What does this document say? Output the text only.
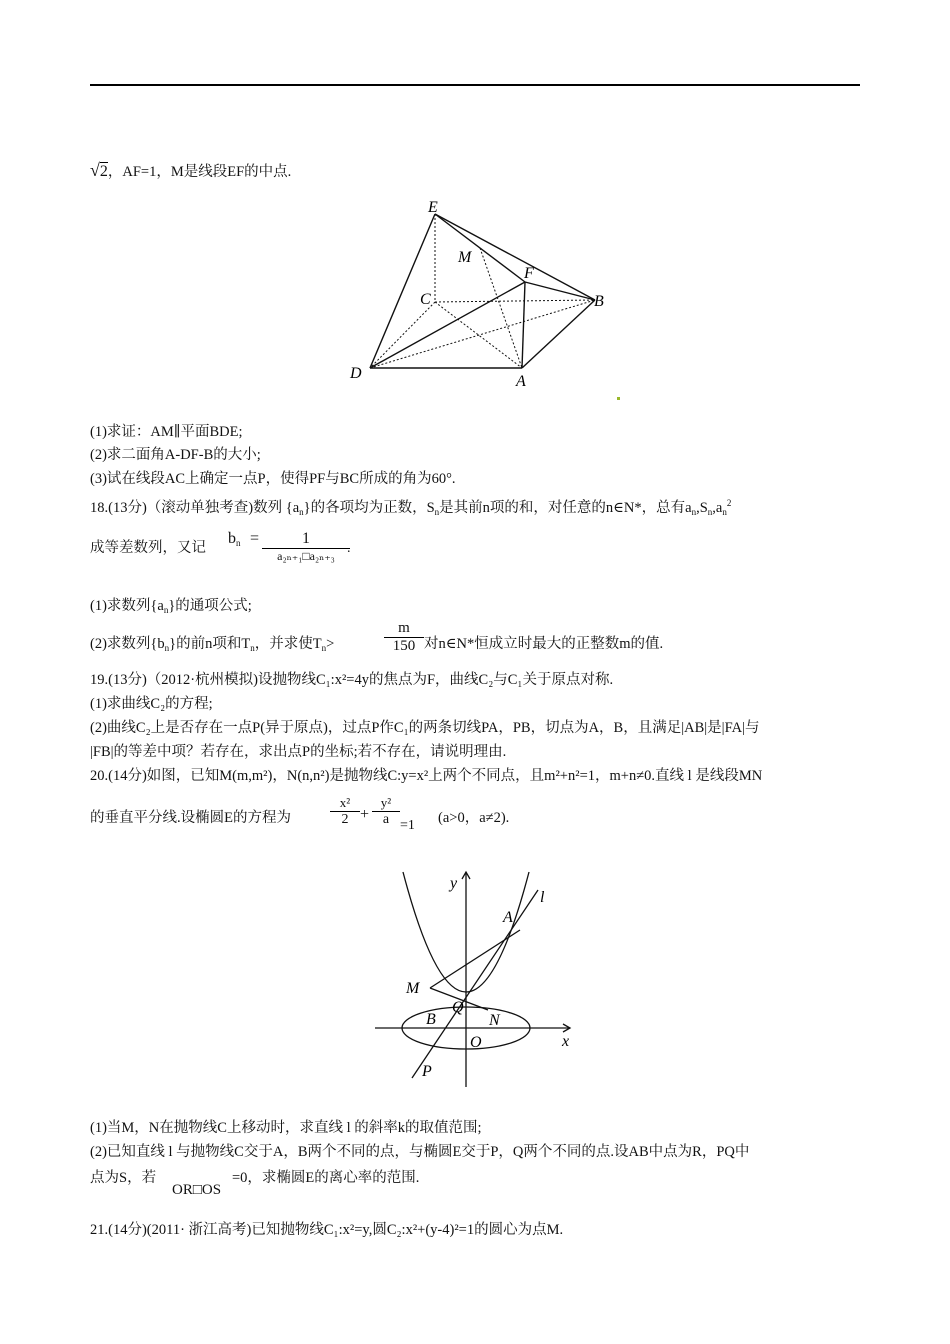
√2，AF=1，M是线段EF的中点.
E
M
F
C	B
D	A
(1)求证：AM∥平面BDE;
(2)求二面角A-DF-B的大小;
(3)试在线段AC上确定一点P，使得PF与BC所成的角为60°.
18.(13分)（滚动单独考查)数列 $\{a_n\}$的各项均为正数，$S_n$是其前n项的和，对任意的n∈N*，总有$a_n,S_n,a_n^2$
成等差数列，又记
$b_n$ =	1
a₂ₙ₊₁□a₂ₙ₊₃ .
(1)求数列$\{a_n\}$的通项公式;
(2)求数列$\{b_n\}$的前n项和$T_n$，并求使$T_n>$	$\frac{m}{150}$ 对n∈N*恒成立时最大的正整数m的值.
19.(13分)（2012·杭州模拟)设抛物线C₁:x²=4y的焦点为F，曲线C₂与C₁关于原点对称.
(1)求曲线C₂的方程;
(2)曲线C₂上是否存在一点P(异于原点)，过点P作C₁的两条切线PA，PB，切点为A，B，且满足|AB|是|FA|与
|FB|的等差中项？若存在，求出点P的坐标;若不存在，请说明理由.
20.(14分)如图，已知M(m,m²)，N(n,n²)是抛物线C:y=x²上两个不同点，且m²+n²=1，m+n≠0.直线 l 是线段MN
的垂直平分线.设椭圆E的方程为	$\frac{\text{x²}}{2} + \frac{\text{y²}}{a} =1$ (a>0，a≠2).
y
l
A
M
Q
B	N
O	x
P
(1)当M，N在抛物线C上移动时，求直线 l 的斜率k的取值范围;
(2)已知直线 l 与抛物线C交于A，B两个不同的点，与椭圆E交于P，Q两个不同的点.设AB中点为R，PQ中
点为S，若
OR□OS
=0，求椭圆E的离心率的范围.
21.(14分)(2011· 浙江高考)已知抛物线C₁:x²=y,圆C₂:x²+(y-4)²=1的圆心为点M.
